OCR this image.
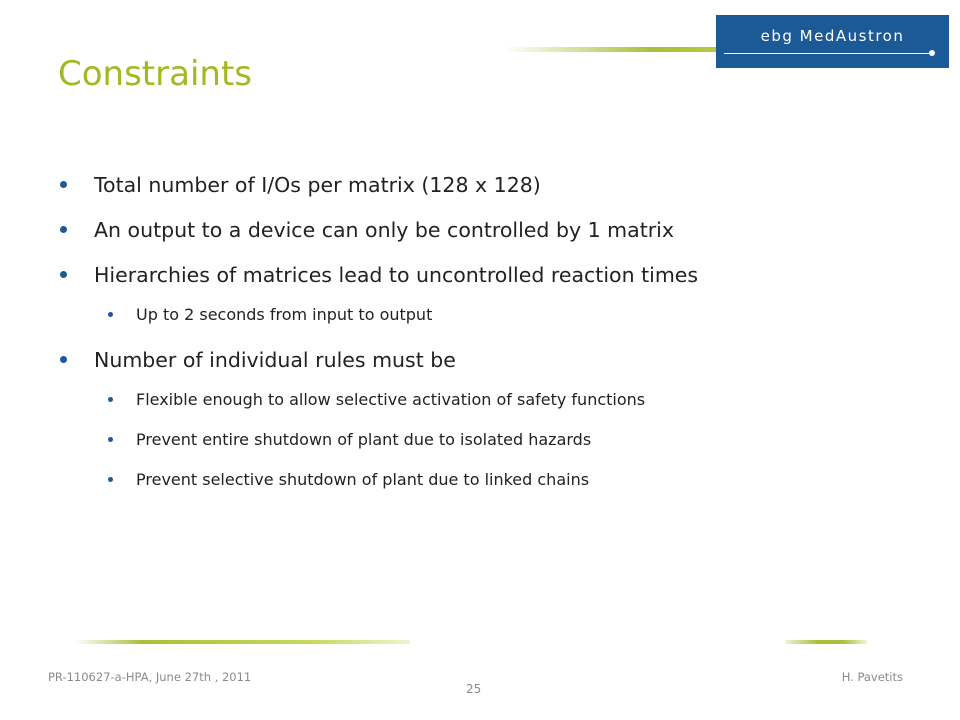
ebg MedAustron
Constraints
Total number of I/Os per matrix (128 x 128)
An output to a device can only be controlled by 1 matrix
Hierarchies of matrices lead to uncontrolled reaction times
Up to 2 seconds from input to output
Number of individual rules must be
Flexible enough to allow selective activation of safety functions
Prevent entire shutdown of plant due to isolated hazards
Prevent selective shutdown of plant due to linked chains
PR-110627-a-HPA, June 27th , 2011	H. Pavetits
25
